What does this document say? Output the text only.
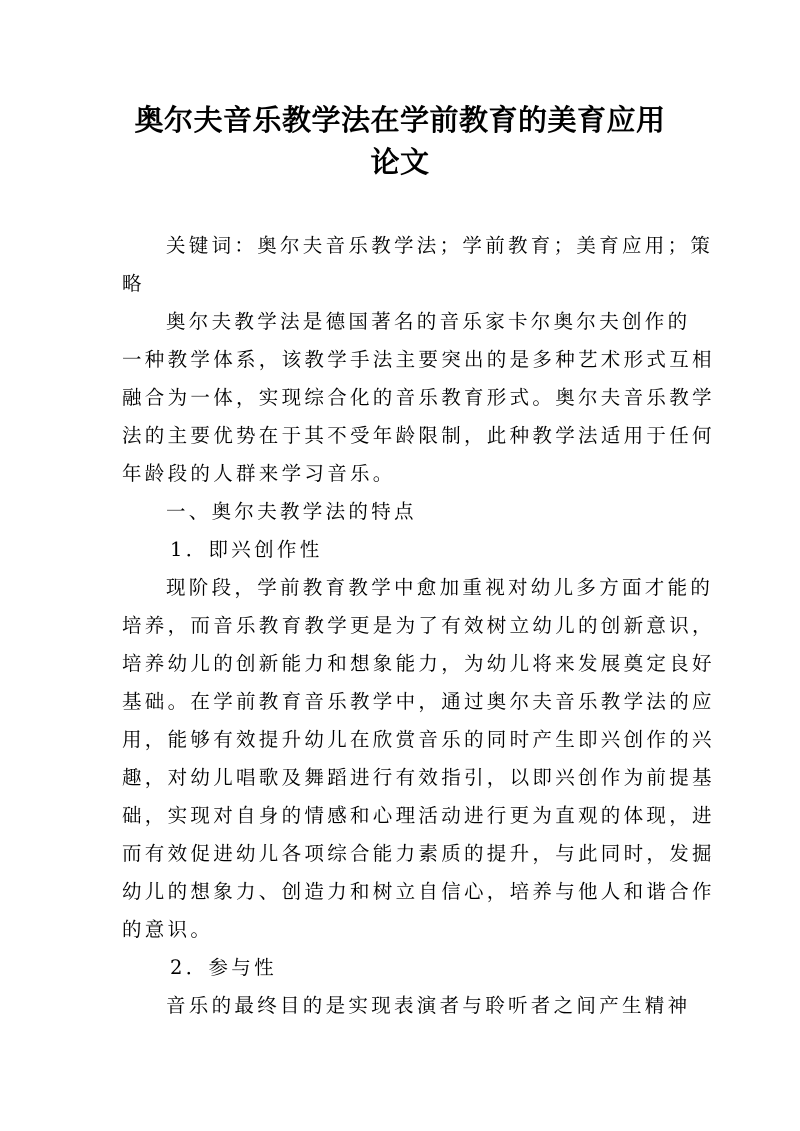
奥尔夫音乐教学法在学前教育的美育应用
论文
关键词：奥尔夫音乐教学法；学前教育；美育应用；策
略
奥尔夫教学法是德国著名的音乐家卡尔奥尔夫创作的
一种教学体系，该教学手法主要突出的是多种艺术形式互相
融合为一体，实现综合化的音乐教育形式。奥尔夫音乐教学
法的主要优势在于其不受年龄限制，此种教学法适用于任何
年龄段的人群来学习音乐。
一、奥尔夫教学法的特点
1．即兴创作性
现阶段，学前教育教学中愈加重视对幼儿多方面才能的
培养，而音乐教育教学更是为了有效树立幼儿的创新意识，
培养幼儿的创新能力和想象能力，为幼儿将来发展奠定良好
基础。在学前教育音乐教学中，通过奥尔夫音乐教学法的应
用，能够有效提升幼儿在欣赏音乐的同时产生即兴创作的兴
趣，对幼儿唱歌及舞蹈进行有效指引，以即兴创作为前提基
础，实现对自身的情感和心理活动进行更为直观的体现，进
而有效促进幼儿各项综合能力素质的提升，与此同时，发掘
幼儿的想象力、创造力和树立自信心，培养与他人和谐合作
的意识。
2．参与性
音乐的最终目的是实现表演者与聆听者之间产生精神
